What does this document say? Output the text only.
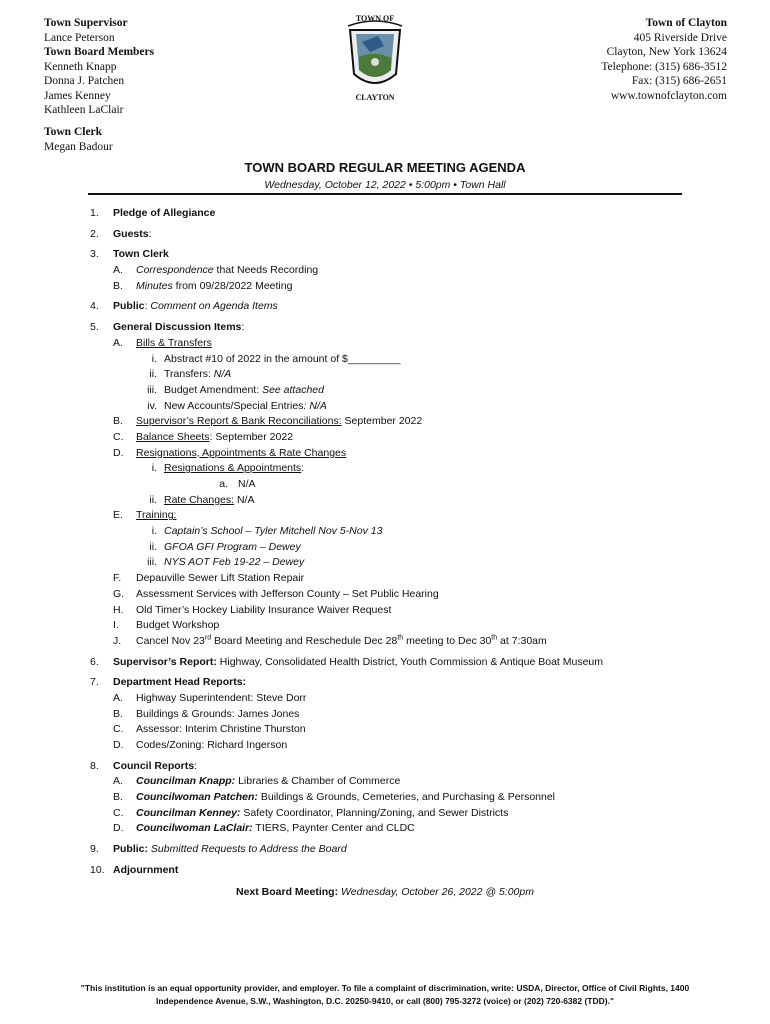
Town Supervisor
Lance Peterson
Town Board Members
Kenneth Knapp
Donna J. Patchen
James Kenney
Kathleen LaClair
Town Clerk
Megan Badour
TOWN OF
CLAYTON
Town of Clayton
405 Riverside Drive
Clayton, New York 13624
Telephone: (315) 686-3512
Fax: (315) 686-2651
www.townofclayton.com
TOWN BOARD REGULAR MEETING AGENDA
Wednesday, October 12, 2022 • 5:00pm • Town Hall
1. Pledge of Allegiance
2. Guests:
3. Town Clerk
A. Correspondence that Needs Recording
B. Minutes from 09/28/2022 Meeting
4. Public: Comment on Agenda Items
5. General Discussion Items:
A. Bills & Transfers
i. Abstract #10 of 2022 in the amount of $_________
ii. Transfers: N/A
iii. Budget Amendment: See attached
iv. New Accounts/Special Entries: N/A
B. Supervisor’s Report & Bank Reconciliations: September 2022
C. Balance Sheets: September 2022
D. Resignations, Appointments & Rate Changes
i. Resignations & Appointments:
a. N/A
ii. Rate Changes: N/A
E. Training:
i. Captain’s School – Tyler Mitchell Nov 5-Nov 13
ii. GFOA GFI Program – Dewey
iii. NYS AOT Feb 19-22 – Dewey
F. Depauville Sewer Lift Station Repair
G. Assessment Services with Jefferson County – Set Public Hearing
H. Old Timer’s Hockey Liability Insurance Waiver Request
I. Budget Workshop
J. Cancel Nov 23rd Board Meeting and Reschedule Dec 28th meeting to Dec 30th at 7:30am
6. Supervisor’s Report: Highway, Consolidated Health District, Youth Commission & Antique Boat Museum
7. Department Head Reports:
A. Highway Superintendent: Steve Dorr
B. Buildings & Grounds: James Jones
C. Assessor: Interim Christine Thurston
D. Codes/Zoning: Richard Ingerson
8. Council Reports:
A. Councilman Knapp: Libraries & Chamber of Commerce
B. Councilwoman Patchen: Buildings & Grounds, Cemeteries, and Purchasing & Personnel
C. Councilman Kenney: Safety Coordinator, Planning/Zoning, and Sewer Districts
D. Councilwoman LaClair: TIERS, Paynter Center and CLDC
9. Public: Submitted Requests to Address the Board
10. Adjournment
Next Board Meeting: Wednesday, October 26, 2022 @ 5:00pm
"This institution is an equal opportunity provider, and employer. To file a complaint of discrimination, write: USDA, Director, Office of Civil Rights, 1400 Independence Avenue, S.W., Washington, D.C. 20250-9410, or call (800) 795-3272 (voice) or (202) 720-6382 (TDD)."
